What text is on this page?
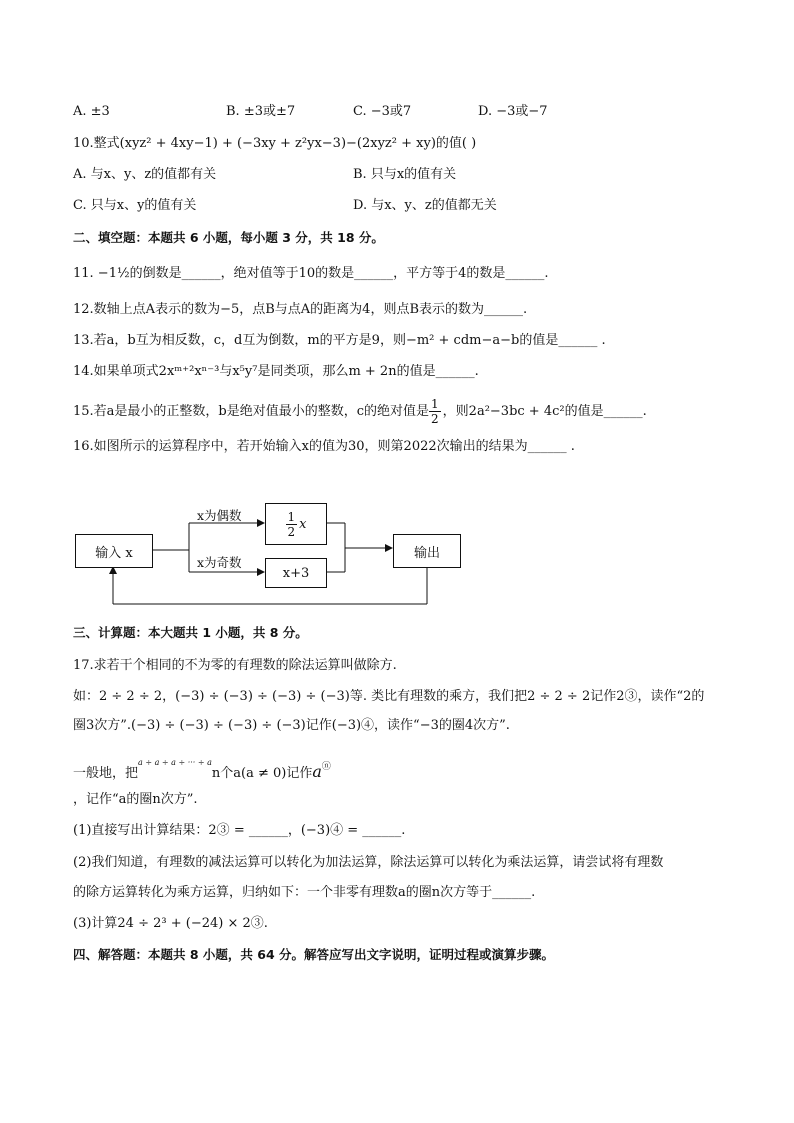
A. ±3	B. ±3或±7	C. −3或7	D. −3或−7
10.整式(xyz² + 4xy−1) + (−3xy + z²yx−3)−(2xyz² + xy)的值( )
A. 与x、y、z的值都有关	B. 只与x的值有关
C. 只与x、y的值有关	D. 与x、y、z的值都无关
二、填空题：本题共 6 小题，每小题 3 分，共 18 分。
11. −1½的倒数是______，绝对值等于10的数是______，平方等于4的数是______.
12.数轴上点A表示的数为−5，点B与点A的距离为4，则点B表示的数为______.
13.若a，b互为相反数，c，d互为倒数，m的平方是9，则−m² + cdm−a−b的值是______ .
14.如果单项式2xᵐ⁺²xⁿ⁻³与x⁵y⁷是同类项，那么m + 2n的值是______.
15.若a是最小的正整数，b是绝对值最小的整数，c的绝对值是 $\frac{1}{2}$ ，则2a²−3bc + 4c²的值是______.
16.如图所示的运算程序中，若开始输入x的值为30，则第2022次输出的结果为______ .
输入 x
$\frac{1}{2}$ x
x+3
输出
x为偶数
x为奇数
三、计算题：本大题共 1 小题，共 8 分。
17.求若干个相同的不为零的有理数的除法运算叫做除方.
如：2 ÷ 2 ÷ 2，(−3) ÷ (−3) ÷ (−3) ÷ (−3)等. 类比有理数的乘方，我们把2 ÷ 2 ÷ 2记作2③，读作“2的
圈3次方”.(−3) ÷ (−3) ÷ (−3) ÷ (−3)记作(−3)④，读作“−3的圈4次方”.
一般地，把$^{a \div a \div a \div \cdot\cdot\cdot \div a}$n个a(a ≠ 0)记作aⓝ
，记作“a的圈n次方”.
(1)直接写出计算结果：2③ = ______，(−3)④ = ______.
(2)我们知道，有理数的减法运算可以转化为加法运算，除法运算可以转化为乘法运算，请尝试将有理数
的除方运算转化为乘方运算，归纳如下：一个非零有理数a的圈n次方等于______.
(3)计算24 ÷ 2³ + (−24) × 2③.
四、解答题：本题共 8 小题，共 64 分。解答应写出文字说明，证明过程或演算步骤。
